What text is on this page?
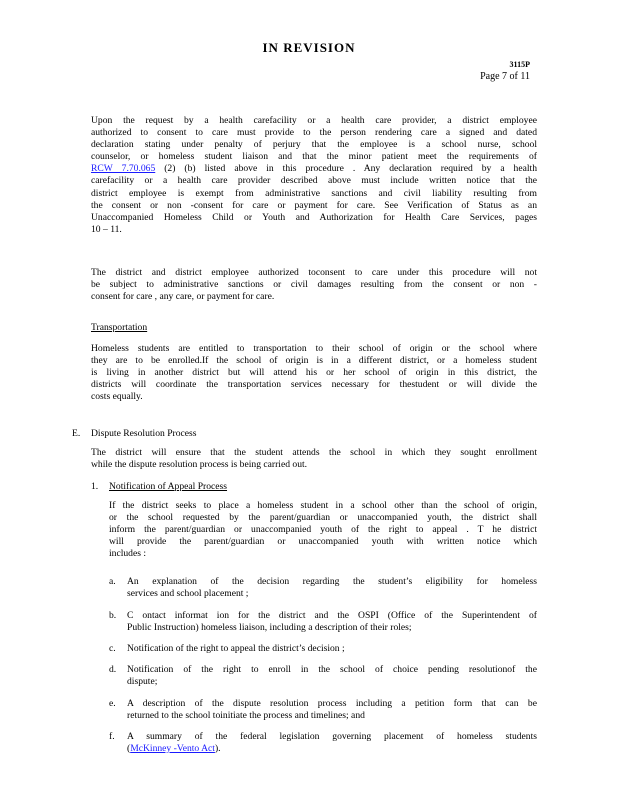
IN REVISION
3115P
Page 7 of 11
Upon the request by a health carefacility or a health care provider, a district employee
authorized to consent to care must provide to the person rendering care a signed and dated
declaration stating under penalty of perjury that the employee is a school nurse, school
counselor, or homeless student liaison and that the minor patient meet the requirements of
RCW 7.70.065 (2) (b) listed above in this procedure . Any declaration required by a health
carefacility or a health care provider described above must include written notice that the
district employee is exempt from administrative sanctions and civil liability resulting from
the consent or non -consent for care or payment for care. See Verification of Status as an
Unaccompanied Homeless Child or Youth and Authorization for Health Care Services, pages
10 – 11.
The district and district employee authorized toconsent to care under this procedure will not
be subject to administrative sanctions or civil damages resulting from the consent or non -
consent for care , any care, or payment for care.
Transportation
Homeless students are entitled to transportation to their school of origin or the school where
they are to be enrolled.If the school of origin is in a different district, or a homeless student
is living in another district but will attend his or her school of origin in this district, the
districts will coordinate the transportation services necessary for thestudent or will divide the
costs equally.
E. Dispute Resolution Process
The district will ensure that the student attends the school in which they sought enrollment
while the dispute resolution process is being carried out.
1. Notification of Appeal Process
If the district seeks to place a homeless student in a school other than the school of origin,
or the school requested by the parent/guardian or unaccompanied youth, the district shall
inform the parent/guardian or unaccompanied youth of the right to appeal . T he district
will provide the parent/guardian or unaccompanied youth with written notice which
includes :
a. An explanation of the decision regarding the student’s eligibility for homeless
services and school placement ;
b. C ontact informat ion for the district and the OSPI (Office of the Superintendent of
Public Instruction) homeless liaison, including a description of their roles;
c. Notification of the right to appeal the district’s decision ;
d. Notification of the right to enroll in the school of choice pending resolutionof the
dispute;
e. A description of the dispute resolution process including a petition form that can be
returned to the school toinitiate the process and timelines; and
f. A summary of the federal legislation governing placement of homeless students
(McKinney -Vento Act).
